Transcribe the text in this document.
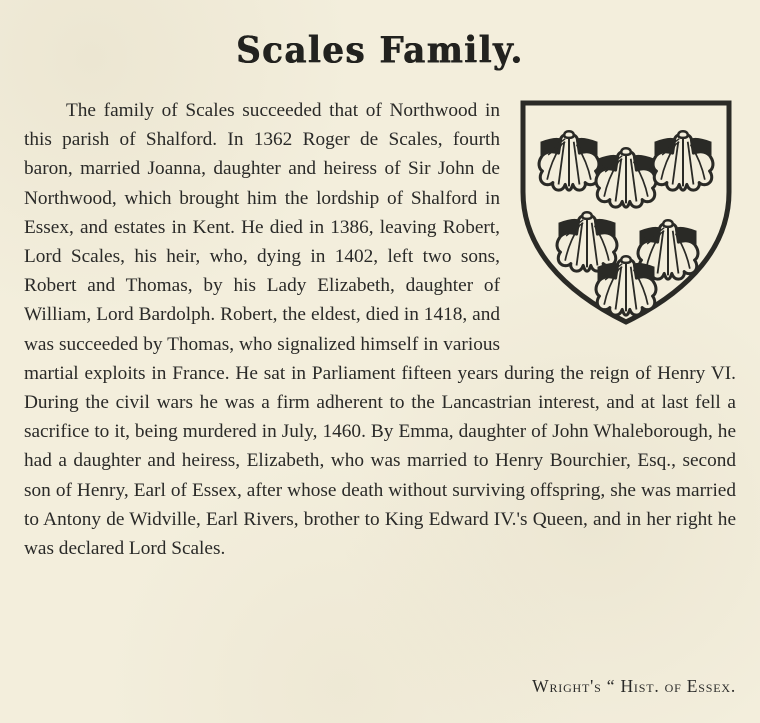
Scales Family.

The family of Scales succeeded that of Northwood in this parish of Shalford. In 1362 Roger de Scales, fourth baron, married Joanna, daughter and heiress of Sir John de Northwood, which brought him the lordship of Shalford in Essex, and estates in Kent. He died in 1386, leaving Robert, Lord Scales, his heir, who, dying in 1402, left two sons, Robert and Thomas, by his Lady Elizabeth, daughter of William, Lord Bardolph. Robert, the eldest, died in 1418, and was succeeded by Thomas, who signalized himself in various martial exploits in France. He sat in Parliament fifteen years during the reign of Henry VI. During the civil wars he was a firm adherent to the Lancastrian interest, and at last fell a sacrifice to it, being murdered in July, 1460. By Emma, daughter of John Whaleborough, he had a daughter and heiress, Elizabeth, who was married to Henry Bourchier, Esq., second son of Henry, Earl of Essex, after whose death without surviving offspring, she was married to Antony de Widville, Earl Rivers, brother to King Edward IV.'s Queen, and in her right he was declared Lord Scales.

Wright's “ Hist. of Essex.
